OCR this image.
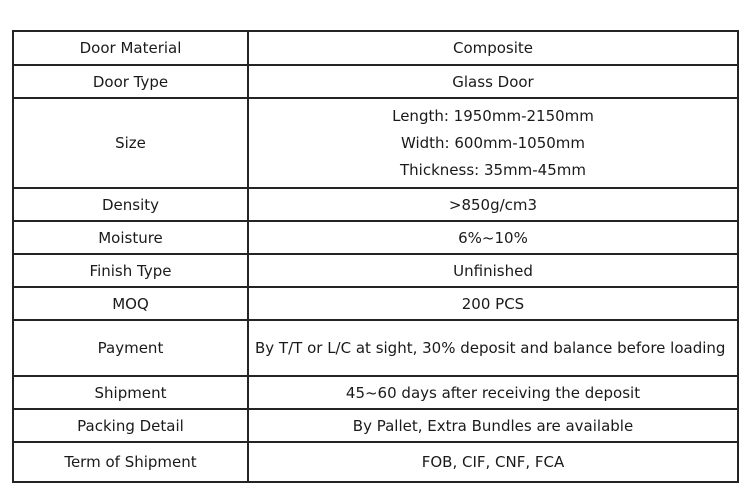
Door Material	Composite
Door Type	Glass Door
Size	Length: 1950mm-2150mm
Width: 600mm-1050mm
Thickness: 35mm-45mm

Density	>850g/cm3
Moisture	6%~10%
Finish Type	Unfinished
MOQ	200 PCS
Payment	By T/T or L/C at sight, 30% deposit and balance before loading
Shipment	45~60 days after receiving the deposit
Packing Detail	By Pallet, Extra Bundles are available
Term of Shipment	FOB, CIF, CNF, FCA
